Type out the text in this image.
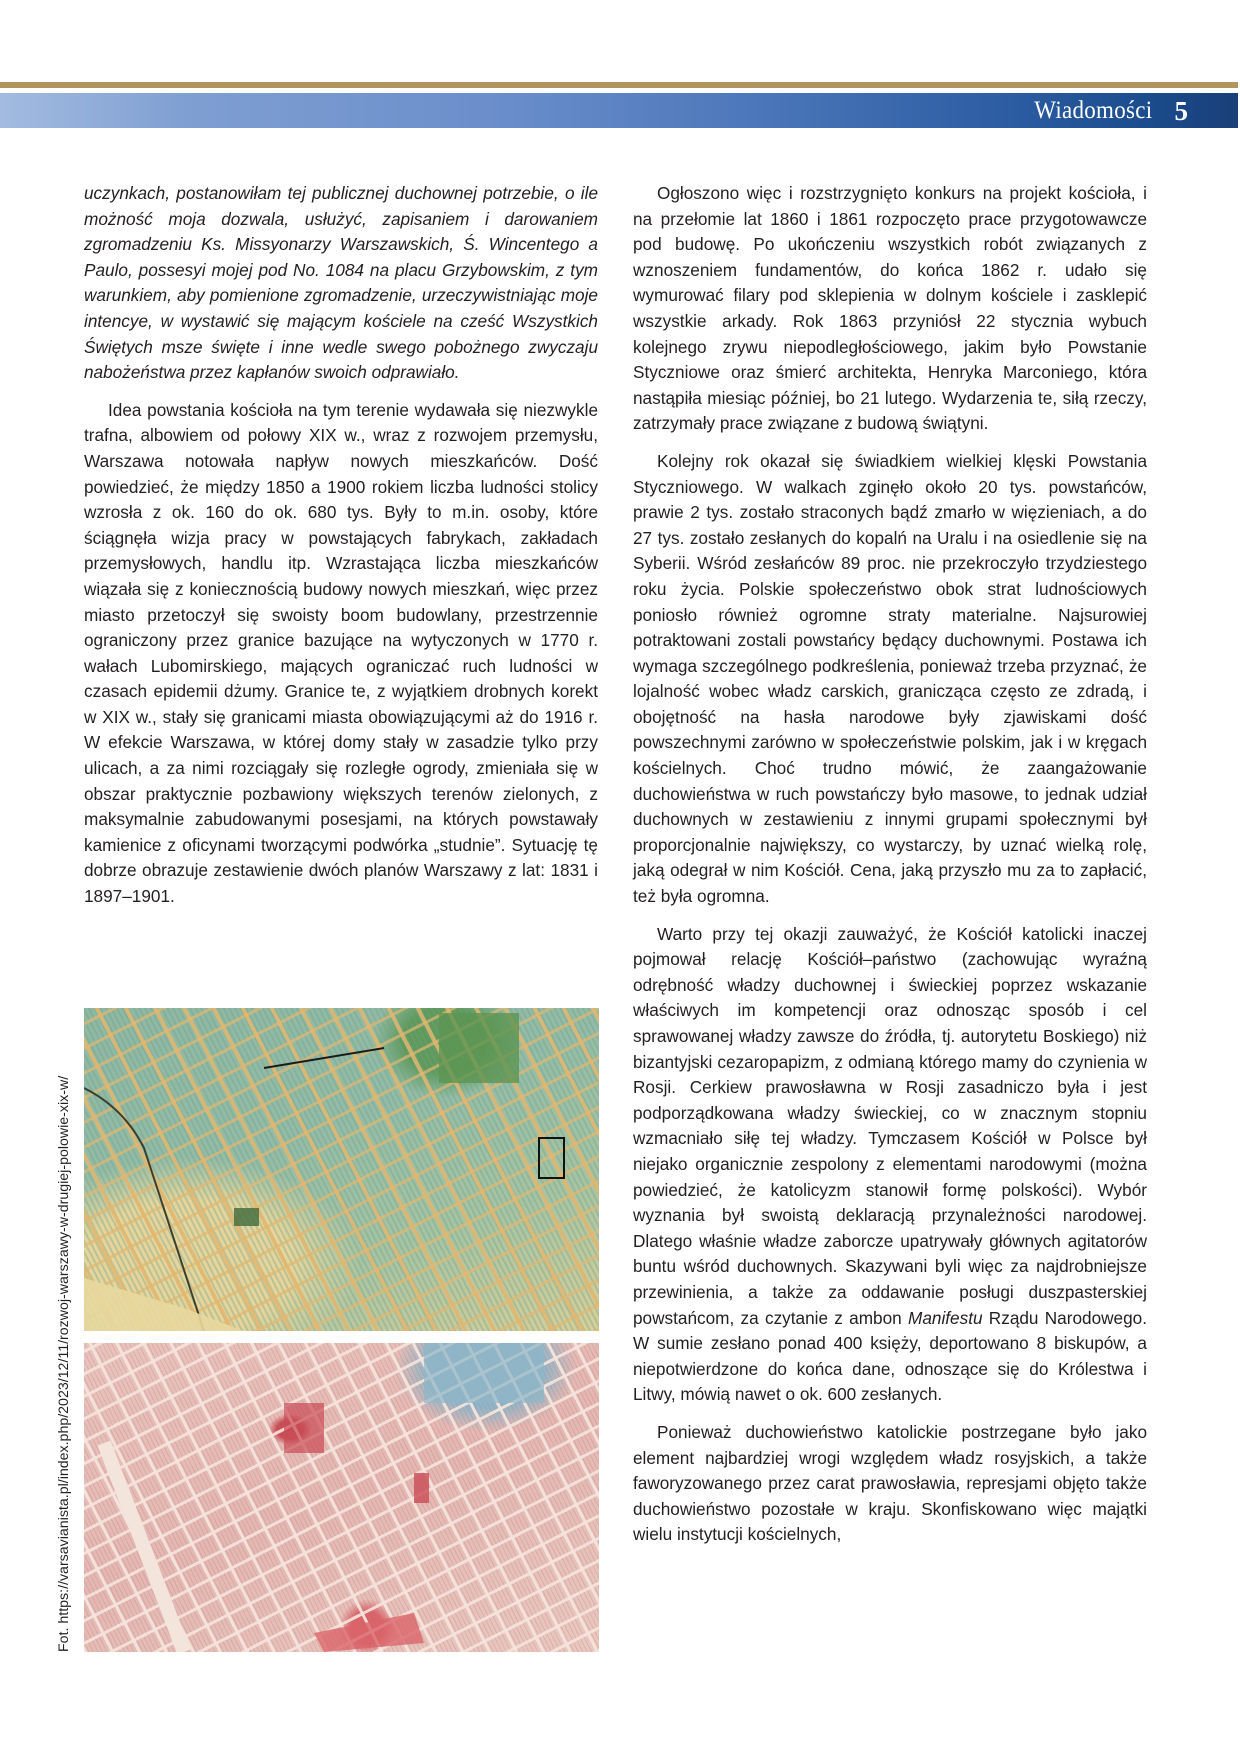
Wiadomości 5

uczynkach, postanowiłam tej publicznej duchownej potrzebie, o ile możność moja dozwala, usłużyć, zapisaniem i darowaniem zgromadzeniu Ks. Missyonarzy Warszawskich, Ś. Wincentego a Paulo, possesyi mojej pod No. 1084 na placu Grzybowskim, z tym warunkiem, aby pomienione zgromadzenie, urzeczywistniając moje intencye, w wystawić się mającym kościele na cześć Wszystkich Świętych msze święte i inne wedle swego pobożnego zwyczaju nabożeństwa przez kapłanów swoich odprawiało.

Idea powstania kościoła na tym terenie wydawała się niezwykle trafna, albowiem od połowy XIX w., wraz z rozwojem przemysłu, Warszawa notowała napływ nowych mieszkańców. Dość powiedzieć, że między 1850 a 1900 rokiem liczba ludności stolicy wzrosła z ok. 160 do ok. 680 tys. Były to m.in. osoby, które ściągnęła wizja pracy w powstających fabrykach, zakładach przemysłowych, handlu itp. Wzrastająca liczba mieszkańców wiązała się z koniecznością budowy nowych mieszkań, więc przez miasto przetoczył się swoisty boom budowlany, przestrzennie ograniczony przez granice bazujące na wytyczonych w 1770 r. wałach Lubomirskiego, mających ograniczać ruch ludności w czasach epidemii dżumy. Granice te, z wyjątkiem drobnych korekt w XIX w., stały się granicami miasta obowiązującymi aż do 1916 r. W efekcie Warszawa, w której domy stały w zasadzie tylko przy ulicach, a za nimi rozciągały się rozległe ogrody, zmieniała się w obszar praktycznie pozbawiony większych terenów zielonych, z maksymalnie zabudowanymi posesjami, na których powstawały kamienice z oficynami tworzącymi podwórka „studnie”. Sytuację tę dobrze obrazuje zestawienie dwóch planów Warszawy z lat: 1831 i 1897–1901.

Fot. https://varsavianista.pl/index.php/2023/12/11/rozwoj-warszawy-w-drugiej-polowie-xix-w/

Ogłoszono więc i rozstrzygnięto konkurs na projekt kościoła, i na przełomie lat 1860 i 1861 rozpoczęto prace przygotowawcze pod budowę. Po ukończeniu wszystkich robót związanych z wznoszeniem fundamentów, do końca 1862 r. udało się wymurować filary pod sklepienia w dolnym kościele i zasklepić wszystkie arkady. Rok 1863 przyniósł 22 stycznia wybuch kolejnego zrywu niepodległościowego, jakim było Powstanie Styczniowe oraz śmierć architekta, Henryka Marconiego, która nastąpiła miesiąc później, bo 21 lutego. Wydarzenia te, siłą rzeczy, zatrzymały prace związane z budową świątyni.

Kolejny rok okazał się świadkiem wielkiej klęski Powstania Styczniowego. W walkach zginęło około 20 tys. powstańców, prawie 2 tys. zostało straconych bądź zmarło w więzieniach, a do 27 tys. zostało zesłanych do kopalń na Uralu i na osiedlenie się na Syberii. Wśród zesłańców 89 proc. nie przekroczyło trzydziestego roku życia. Polskie społeczeństwo obok strat ludnościowych poniosło również ogromne straty materialne. Najsurowiej potraktowani zostali powstańcy będący duchownymi. Postawa ich wymaga szczególnego podkreślenia, ponieważ trzeba przyznać, że lojalność wobec władz carskich, granicząca często ze zdradą, i obojętność na hasła narodowe były zjawiskami dość powszechnymi zarówno w społeczeństwie polskim, jak i w kręgach kościelnych. Choć trudno mówić, że zaangażowanie duchowieństwa w ruch powstańczy było masowe, to jednak udział duchownych w zestawieniu z innymi grupami społecznymi był proporcjonalnie największy, co wystarczy, by uznać wielką rolę, jaką odegrał w nim Kościół. Cena, jaką przyszło mu za to zapłacić, też była ogromna.

Warto przy tej okazji zauważyć, że Kościół katolicki inaczej pojmował relację Kościół–państwo (zachowując wyraźną odrębność władzy duchownej i świeckiej poprzez wskazanie właściwych im kompetencji oraz odnosząc sposób i cel sprawowanej władzy zawsze do źródła, tj. autorytetu Boskiego) niż bizantyjski cezaropapizm, z odmianą którego mamy do czynienia w Rosji. Cerkiew prawosławna w Rosji zasadniczo była i jest podporządkowana władzy świeckiej, co w znacznym stopniu wzmacniało siłę tej władzy. Tymczasem Kościół w Polsce był niejako organicznie zespolony z elementami narodowymi (można powiedzieć, że katolicyzm stanowił formę polskości). Wybór wyznania był swoistą deklaracją przynależności narodowej. Dlatego właśnie władze zaborcze upatrywały głównych agitatorów buntu wśród duchownych. Skazywani byli więc za najdrobniejsze przewinienia, a także za oddawanie posługi duszpasterskiej powstańcom, za czytanie z ambon Manifestu Rządu Narodowego. W sumie zesłano ponad 400 księży, deportowano 8 biskupów, a niepotwierdzone do końca dane, odnoszące się do Królestwa i Litwy, mówią nawet o ok. 600 zesłanych.

Ponieważ duchowieństwo katolickie postrzegane było jako element najbardziej wrogi względem władz rosyjskich, a także faworyzowanego przez carat prawosławia, represjami objęto także duchowieństwo pozostałe w kraju. Skonfiskowano więc majątki wielu instytucji kościelnych,
